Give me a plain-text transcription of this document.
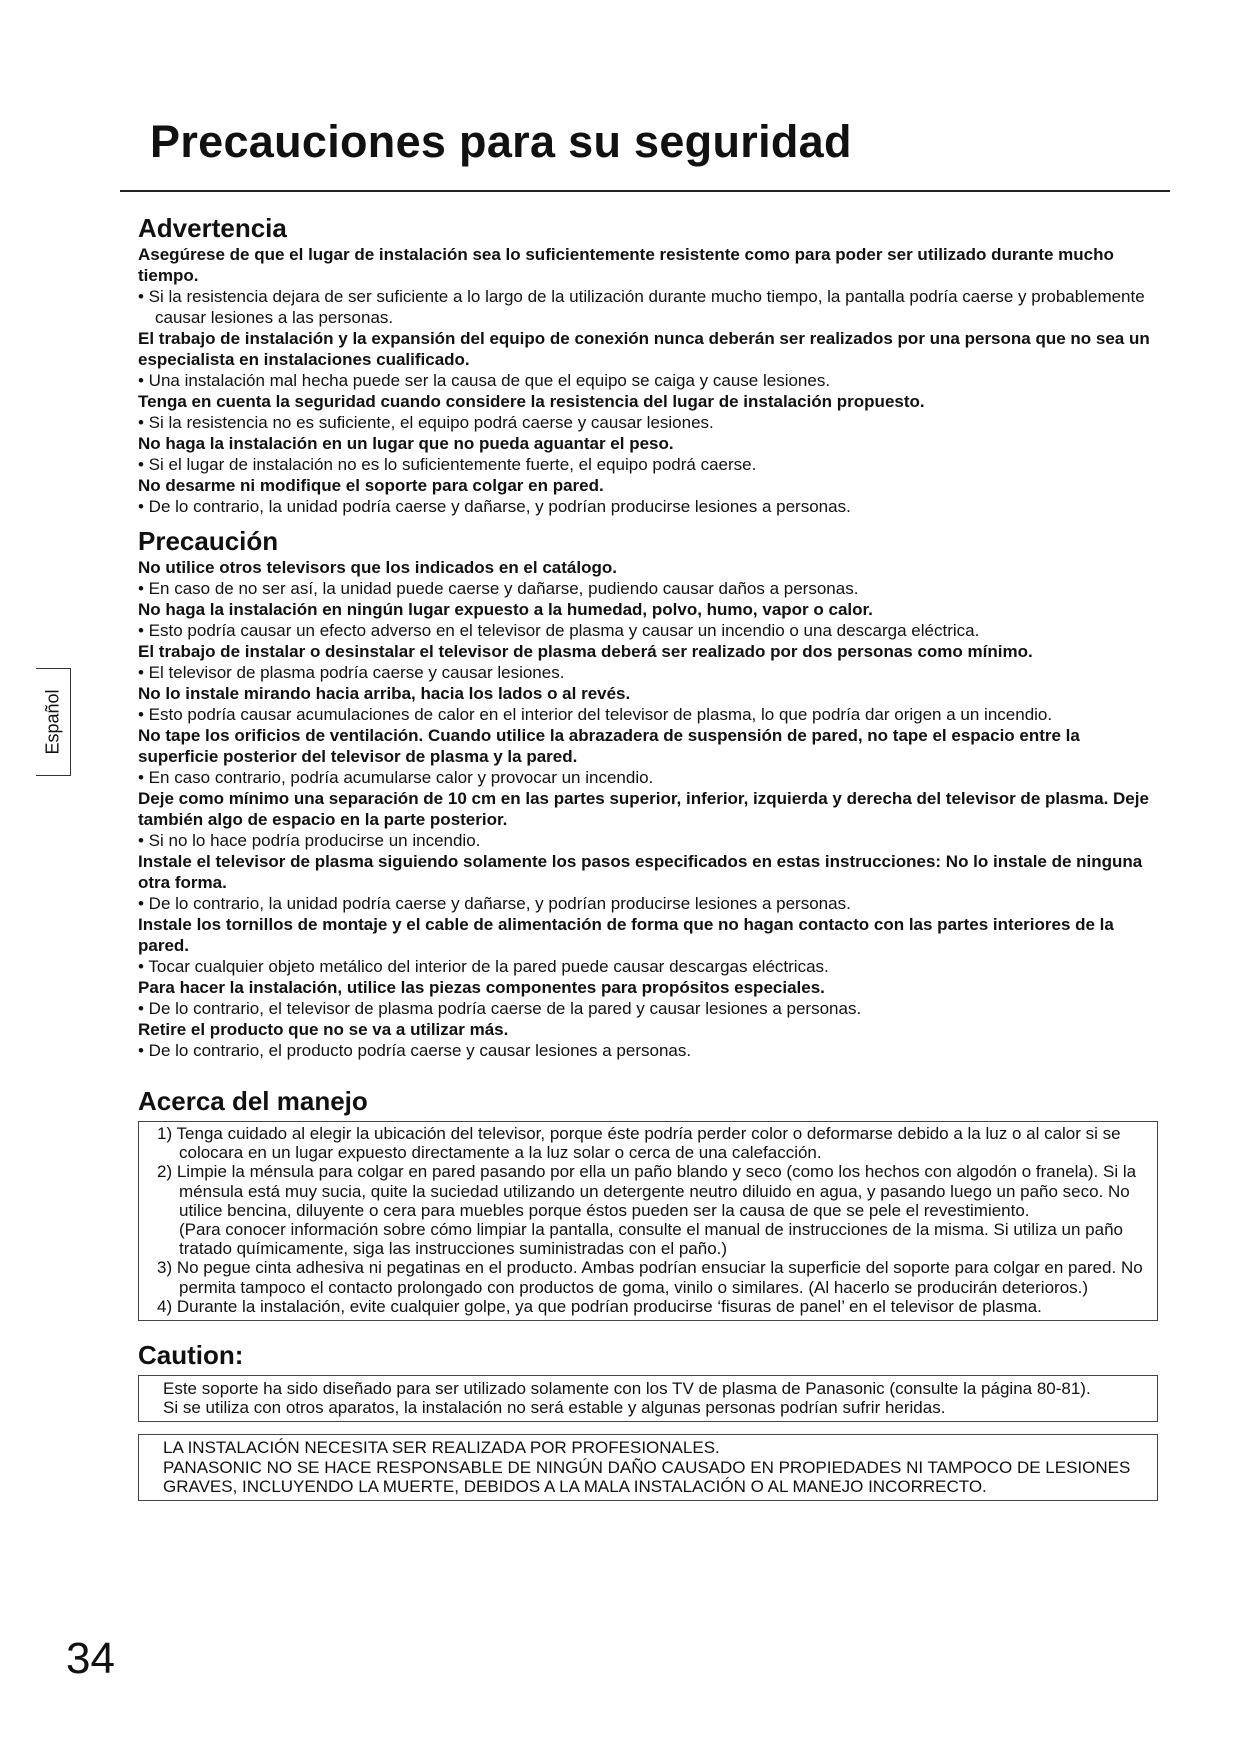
Precauciones para su seguridad
Español
Advertencia

Asegúrese de que el lugar de instalación sea lo suficientemente resistente como para poder ser utilizado durante mucho tiempo.

• Si la resistencia dejara de ser suficiente a lo largo de la utilización durante mucho tiempo, la pantalla podría caerse y probablemente causar lesiones a las personas.

El trabajo de instalación y la expansión del equipo de conexión nunca deberán ser realizados por una persona que no sea un especialista en instalaciones cualificado.

• Una instalación mal hecha puede ser la causa de que el equipo se caiga y cause lesiones.

Tenga en cuenta la seguridad cuando considere la resistencia del lugar de instalación propuesto.

• Si la resistencia no es suficiente, el equipo podrá caerse y causar lesiones.

No haga la instalación en un lugar que no pueda aguantar el peso.

• Si el lugar de instalación no es lo suficientemente fuerte, el equipo podrá caerse.

No desarme ni modifique el soporte para colgar en pared.

• De lo contrario, la unidad podría caerse y dañarse, y podrían producirse lesiones a personas.

Precaución

No utilice otros televisors que los indicados en el catálogo.

• En caso de no ser así, la unidad puede caerse y dañarse, pudiendo causar daños a personas.

No haga la instalación en ningún lugar expuesto a la humedad, polvo, humo, vapor o calor.

• Esto podría causar un efecto adverso en el televisor de plasma y causar un incendio o una descarga eléctrica.

El trabajo de instalar o desinstalar el televisor de plasma deberá ser realizado por dos personas como mínimo.

• El televisor de plasma podría caerse y causar lesiones.

No lo instale mirando hacia arriba, hacia los lados o al revés.

• Esto podría causar acumulaciones de calor en el interior del televisor de plasma, lo que podría dar origen a un incendio.

No tape los orificios de ventilación. Cuando utilice la abrazadera de suspensión de pared, no tape el espacio entre la superficie posterior del televisor de plasma y la pared.

• En caso contrario, podría acumularse calor y provocar un incendio.

Deje como mínimo una separación de 10 cm en las partes superior, inferior, izquierda y derecha del televisor de plasma. Deje también algo de espacio en la parte posterior.

• Si no lo hace podría producirse un incendio.

Instale el televisor de plasma siguiendo solamente los pasos especificados en estas instrucciones: No lo instale de ninguna otra forma.

• De lo contrario, la unidad podría caerse y dañarse, y podrían producirse lesiones a personas.

Instale los tornillos de montaje y el cable de alimentación de forma que no hagan contacto con las partes interiores de la pared.

• Tocar cualquier objeto metálico del interior de la pared puede causar descargas eléctricas.

Para hacer la instalación, utilice las piezas componentes para propósitos especiales.

• De lo contrario, el televisor de plasma podría caerse de la pared y causar lesiones a personas.

Retire el producto que no se va a utilizar más.

• De lo contrario, el producto podría caerse y causar lesiones a personas.

Acerca del manejo

1) Tenga cuidado al elegir la ubicación del televisor, porque éste podría perder color o deformarse debido a la luz o al calor si se colocara en un lugar expuesto directamente a la luz solar o cerca de una calefacción.

2) Limpie la ménsula para colgar en pared pasando por ella un paño blando y seco (como los hechos con algodón o franela). Si la ménsula está muy sucia, quite la suciedad utilizando un detergente neutro diluido en agua, y pasando luego un paño seco. No utilice bencina, diluyente o cera para muebles porque éstos pueden ser la causa de que se pele el revestimiento.

(Para conocer información sobre cómo limpiar la pantalla, consulte el manual de instrucciones de la misma. Si utiliza un paño tratado químicamente, siga las instrucciones suministradas con el paño.)

3) No pegue cinta adhesiva ni pegatinas en el producto. Ambas podrían ensuciar la superficie del soporte para colgar en pared. No permita tampoco el contacto prolongado con productos de goma, vinilo o similares. (Al hacerlo se producirán deterioros.)

4) Durante la instalación, evite cualquier golpe, ya que podrían producirse ‘fisuras de panel’ en el televisor de plasma.

Caution:

Este soporte ha sido diseñado para ser utilizado solamente con los TV de plasma de Panasonic (consulte la página 80-81).

Si se utiliza con otros aparatos, la instalación no será estable y algunas personas podrían sufrir heridas.

LA INSTALACIÓN NECESITA SER REALIZADA POR PROFESIONALES.

PANASONIC NO SE HACE RESPONSABLE DE NINGÚN DAÑO CAUSADO EN PROPIEDADES NI TAMPOCO DE LESIONES GRAVES, INCLUYENDO LA MUERTE, DEBIDOS A LA MALA INSTALACIÓN O AL MANEJO INCORRECTO.

34
